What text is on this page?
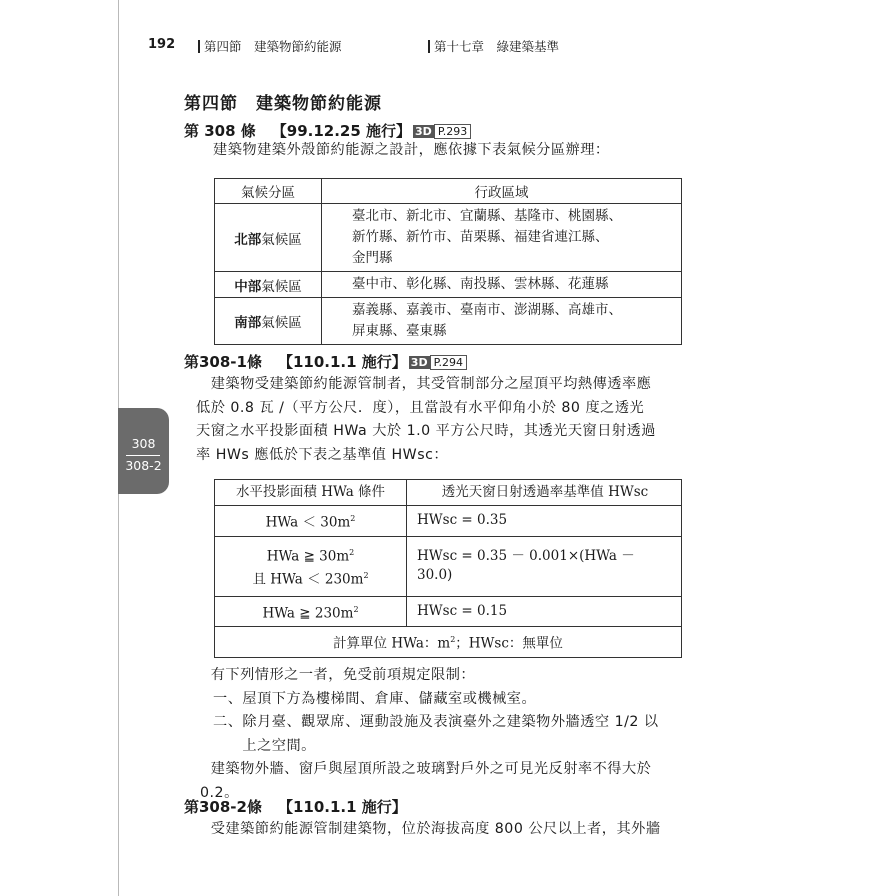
192	第四節　建築物節約能源	第十七章　綠建築基準
第四節　建築物節約能源
308
308-2
第 308 條 【99.12.25 施行】 3D P.293
建築物建築外殼節約能源之設計，應依據下表氣候分區辦理：
氣候分區	行政區域
北部氣候區	臺北市、新北市、宜蘭縣、基隆市、桃園縣、
新竹縣、新竹市、苗栗縣、福建省連江縣、
金門縣

中部氣候區	臺中市、彰化縣、南投縣、雲林縣、花蓮縣

南部氣候區	嘉義縣、嘉義市、臺南市、澎湖縣、高雄市、
屏東縣、臺東縣
第308-1條 【110.1.1 施行】 3D P.294
　建築物受建築節約能源管制者，其受管制部分之屋頂平均熱傳透率應
低於 0.8 瓦 /（平方公尺．度），且當設有水平仰角小於 80 度之透光
天窗之水平投影面積 HWa 大於 1.0 平方公尺時，其透光天窗日射透過
率 HWs 應低於下表之基準值 HWsc：
水平投影面積 HWa 條件	透光天窗日射透過率基準值 HWsc
HWa ＜ $30m^2$	HWsc = 0.35

HWa ≧ $30m^2$
且 HWa ＜ $230m^2$	HWsc = 0.35 － 0.001×(HWa － 30.0)
HWa ≧ $230m^2$	HWsc = 0.15
計算單位 HWa：$m^2$；HWsc：無單位	
　有下列情形之一者，免受前項規定限制：
一、屋頂下方為樓梯間、倉庫、儲藏室或機械室。
二、除月臺、觀眾席、運動設施及表演臺外之建築物外牆透空 1/2 以
　　上之空間。
　建築物外牆、窗戶與屋頂所設之玻璃對戶外之可見光反射率不得大於
0.2。
第308-2條 【110.1.1 施行】
　受建築節約能源管制建築物，位於海拔高度 800 公尺以上者，其外牆
